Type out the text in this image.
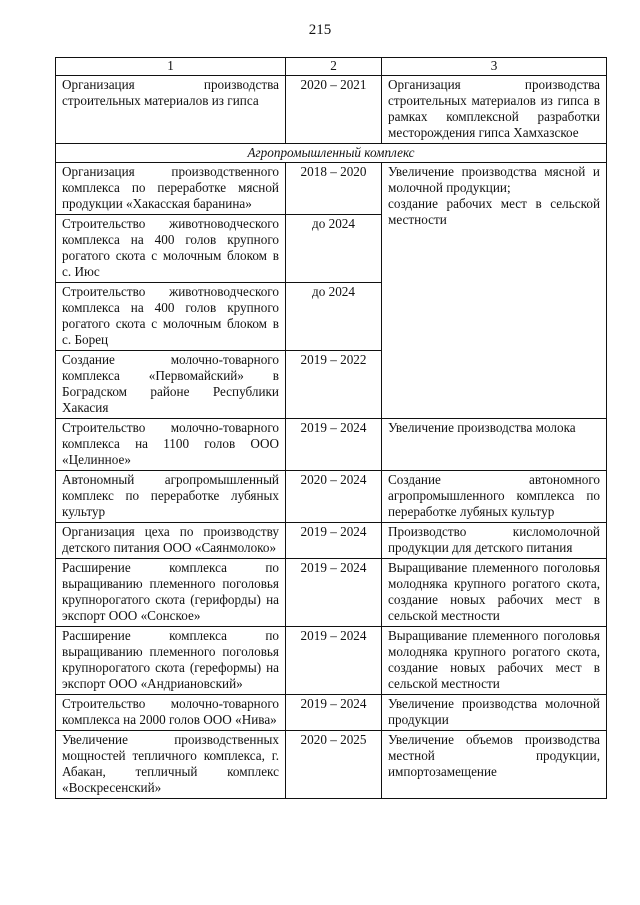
215
1	2	3
Организация производства строительных материалов из гипса	2020 – 2021	Организация производства строительных материалов из гипса в рамках комплексной разработки месторождения гипса Хамхазское
Агропромышленный комплекс		
Организация производственного комплекса по переработке мясной продукции «Хакасская баранина»	2018 – 2020	Увеличение производства мясной и молочной продукции;
создание рабочих мест в сельской местности
Строительство животноводческого комплекса на 400 голов крупного рогатого скота с молочным блоком в с. Июс	до 2024	
Строительство животноводческого комплекса на 400 голов крупного рогатого скота с молочным блоком в с. Борец	до 2024	
Создание молочно-товарного комплекса «Первомайский» в Боградском районе Республики Хакасия	2019 – 2022	
Строительство молочно-товарного комплекса на 1100 голов ООО «Целинное»	2019 – 2024	Увеличение производства молока
Автономный агропромышленный комплекс по переработке лубяных культур	2020 – 2024	Создание автономного агропромышленного комплекса по переработке лубяных культур
Организация цеха по производству детского питания ООО «Саянмолоко»	2019 – 2024	Производство кисломолочной продукции для детского питания
Расширение комплекса по выращиванию племенного поголовья крупнорогатого скота (герифорды) на экспорт ООО «Сонское»	2019 – 2024	Выращивание племенного поголовья молодняка крупного рогатого скота, создание новых рабочих мест в сельской местности
Расширение комплекса по выращиванию племенного поголовья крупнорогатого скота (гереформы) на экспорт ООО «Андриановский»	2019 – 2024	Выращивание племенного поголовья молодняка крупного рогатого скота, создание новых рабочих мест в сельской местности
Строительство молочно-товарного комплекса на 2000 голов ООО «Нива»	2019 – 2024	Увеличение производства молочной продукции
Увеличение производственных мощностей тепличного комплекса, г. Абакан, тепличный комплекс «Воскресенский»	2020 – 2025	Увеличение объемов производства местной продукции, импортозамещение
